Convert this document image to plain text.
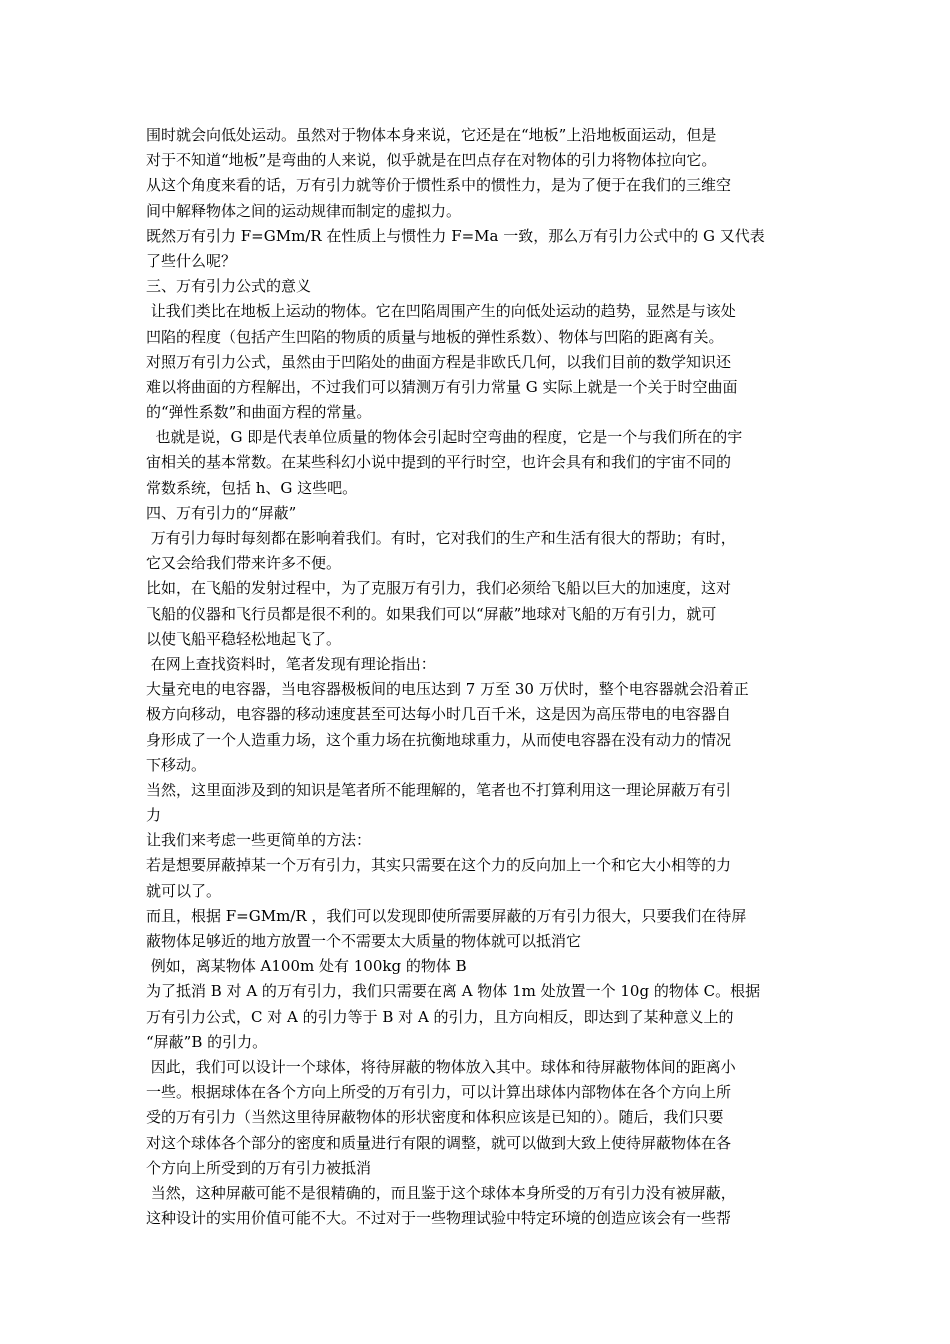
围时就会向低处运动。虽然对于物体本身来说，它还是在“地板”上沿地板面运动，但是
对于不知道“地板”是弯曲的人来说，似乎就是在凹点存在对物体的引力将物体拉向它。
从这个角度来看的话，万有引力就等价于惯性系中的惯性力，是为了便于在我们的三维空
间中解释物体之间的运动规律而制定的虚拟力。
既然万有引力 F=GMm/R 在性质上与惯性力 F=Ma 一致，那么万有引力公式中的 G 又代表
了些什么呢？
三、万有引力公式的意义
让我们类比在地板上运动的物体。它在凹陷周围产生的向低处运动的趋势，显然是与该处
凹陷的程度（包括产生凹陷的物质的质量与地板的弹性系数）、物体与凹陷的距离有关。
对照万有引力公式，虽然由于凹陷处的曲面方程是非欧氏几何，以我们目前的数学知识还
难以将曲面的方程解出，不过我们可以猜测万有引力常量 G 实际上就是一个关于时空曲面
的“弹性系数”和曲面方程的常量。
也就是说，G 即是代表单位质量的物体会引起时空弯曲的程度，它是一个与我们所在的宇
宙相关的基本常数。在某些科幻小说中提到的平行时空，也许会具有和我们的宇宙不同的
常数系统，包括 h、G 这些吧。
四、万有引力的“屏蔽”
万有引力每时每刻都在影响着我们。有时，它对我们的生产和生活有很大的帮助；有时，
它又会给我们带来许多不便。
比如，在飞船的发射过程中，为了克服万有引力，我们必须给飞船以巨大的加速度，这对
飞船的仪器和飞行员都是很不利的。如果我们可以“屏蔽”地球对飞船的万有引力，就可
以使飞船平稳轻松地起飞了。
在网上查找资料时，笔者发现有理论指出：
大量充电的电容器，当电容器极板间的电压达到 7 万至 30 万伏时，整个电容器就会沿着正
极方向移动，电容器的移动速度甚至可达每小时几百千米，这是因为高压带电的电容器自
身形成了一个人造重力场，这个重力场在抗衡地球重力，从而使电容器在没有动力的情况
下移动。
当然，这里面涉及到的知识是笔者所不能理解的，笔者也不打算利用这一理论屏蔽万有引
力
让我们来考虑一些更简单的方法：
若是想要屏蔽掉某一个万有引力，其实只需要在这个力的反向加上一个和它大小相等的力
就可以了。
而且，根据 F=GMm/R ，我们可以发现即使所需要屏蔽的万有引力很大，只要我们在待屏
蔽物体足够近的地方放置一个不需要太大质量的物体就可以抵消它
例如，离某物体 A100m 处有 100kg 的物体 B
为了抵消 B 对 A 的万有引力，我们只需要在离 A 物体 1m 处放置一个 10g 的物体 C。根据
万有引力公式，C 对 A 的引力等于 B 对 A 的引力，且方向相反，即达到了某种意义上的
“屏蔽”B 的引力。
因此，我们可以设计一个球体，将待屏蔽的物体放入其中。球体和待屏蔽物体间的距离小
一些。根据球体在各个方向上所受的万有引力，可以计算出球体内部物体在各个方向上所
受的万有引力（当然这里待屏蔽物体的形状密度和体积应该是已知的）。随后，我们只要
对这个球体各个部分的密度和质量进行有限的调整，就可以做到大致上使待屏蔽物体在各
个方向上所受到的万有引力被抵消
当然，这种屏蔽可能不是很精确的，而且鉴于这个球体本身所受的万有引力没有被屏蔽，
这种设计的实用价值可能不大。不过对于一些物理试验中特定环境的创造应该会有一些帮
